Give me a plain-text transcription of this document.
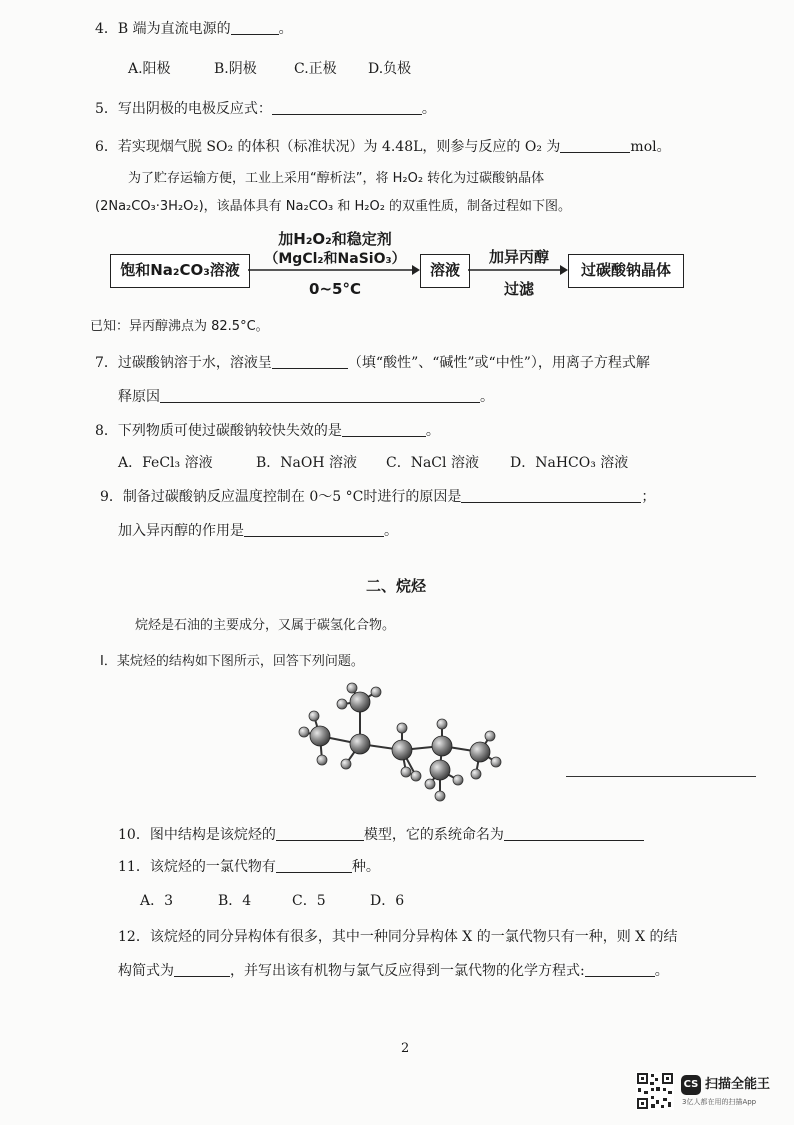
4．B 端为直流电源的	。
A.阳极	B.阴极	C.正极 D.负极
5．写出阴极的电极反应式：	。
6．若实现烟气脱 SO₂ 的体积（标准状况）为 4.48L，则参与反应的 O₂ 为	mol。
为了贮存运输方便，工业上采用“醇析法”，将 H₂O₂ 转化为过碳酸钠晶体
(2Na₂CO₃·3H₂O₂)，该晶体具有 Na₂CO₃ 和 H₂O₂ 的双重性质，制备过程如下图。
饱和Na₂CO₃溶液
加H₂O₂和稳定剂
（MgCl₂和NaSiO₃）
0~5°C
溶液
加异丙醇
过滤
过碳酸钠晶体
已知：异丙醇沸点为 82.5°C。
7．过碳酸钠溶于水，溶液呈	（填“酸性”、“碱性”或“中性”），用离子方程式解
释原因	。
8．下列物质可使过碳酸钠较快失效的是	。
A．FeCl₃ 溶液	B．NaOH 溶液 C．NaCl 溶液 D．NaHCO₃ 溶液
9．制备过碳酸钠反应温度控制在 0～5 °C时进行的原因是	；
加入异丙醇的作用是	。
二、烷烃
烷烃是石油的主要成分，又属于碳氢化合物。
I．某烷烃的结构如下图所示，回答下列问题。
10．图中结构是该烷烃的	模型，它的系统命名为
11．该烷烃的一氯代物有	种。
A．3	B．4	C．5	D．6
12．该烷烃的同分异构体有很多，其中一种同分异构体 X 的一氯代物只有一种，则 X 的结
构简式为	，并写出该有机物与氯气反应得到一氯代物的化学方程式:	。
2
CS 扫描全能王
3亿人都在用的扫描App
